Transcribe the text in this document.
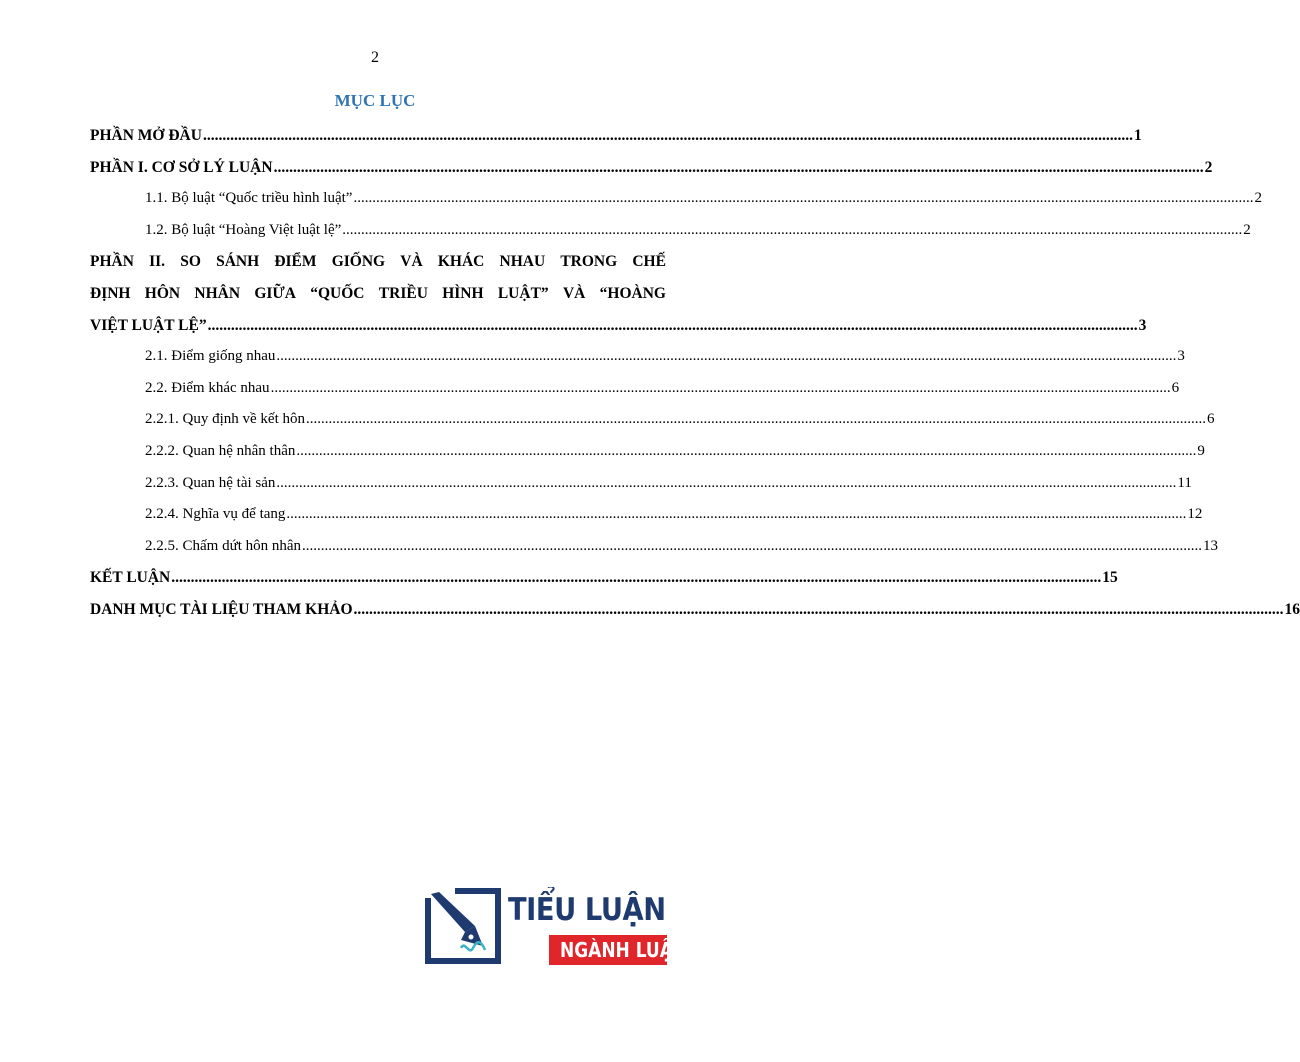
2
MỤC LỤC
PHẦN MỞ ĐẦU .....	1
PHẦN I. CƠ SỞ LÝ LUẬN .....	2
1.1. Bộ luật “Quốc triều hình luật” .....	2
1.2. Bộ luật “Hoàng Việt luật lệ” .....	2
PHẦN II. SO SÁNH ĐIỂM GIỐNG VÀ KHÁC NHAU TRONG CHẾ
ĐỊNH HÔN NHÂN GIỮA “QUỐC TRIỀU HÌNH LUẬT” VÀ “HOÀNG
VIỆT LUẬT LỆ” .....	3
2.1. Điểm giống nhau .....	3
2.2. Điểm khác nhau .....	6
2.2.1. Quy định về kết hôn .....	6
2.2.2. Quan hệ nhân thân .....	9
2.2.3. Quan hệ tài sản .....	11
2.2.4. Nghĩa vụ để tang .....	12
2.2.5. Chấm dứt hôn nhân .....	13
KẾT LUẬN .....	15
DANH MỤC TÀI LIỆU THAM KHẢO .....	16
TIỂU LUẬN
NGÀNH LUẬT
